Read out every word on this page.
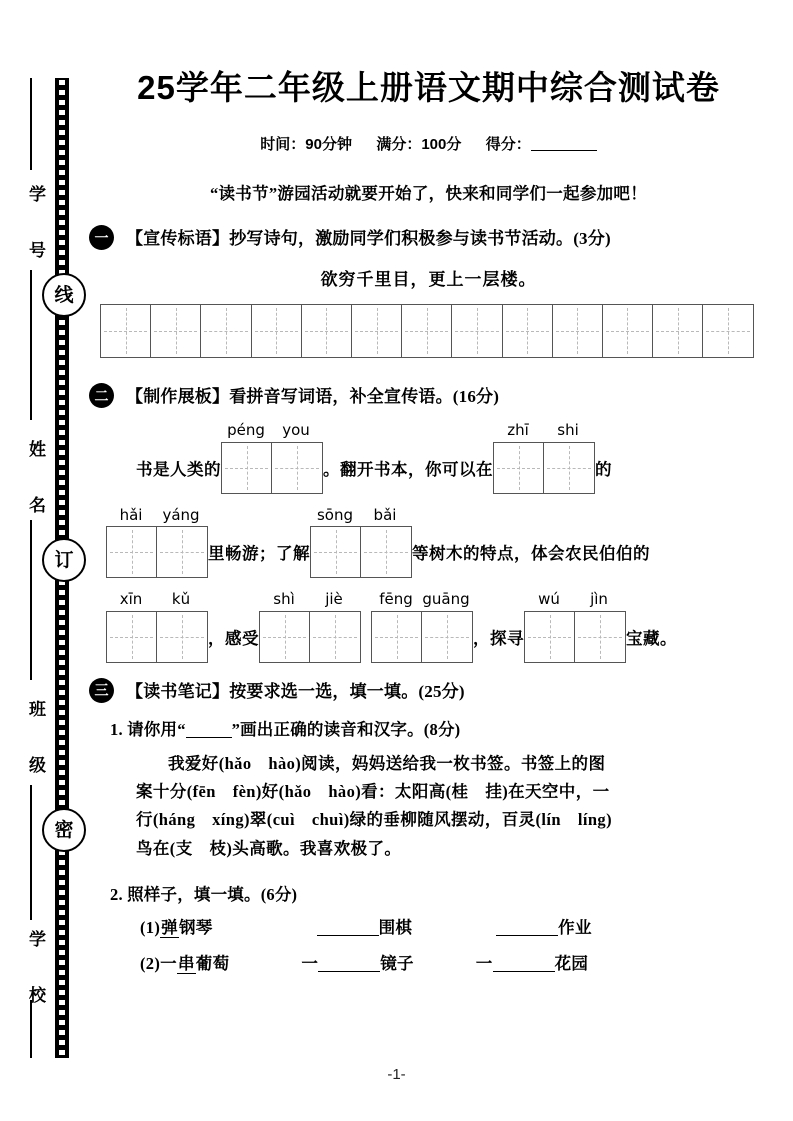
线
订
密
学 号
姓 名
班 级
学 校
25学年二年级上册语文期中综合测试卷
时间：90分钟 满分：100分 得分：
“读书节”游园活动就要开始了，快来和同学们一起参加吧！
一	【宣传标语】抄写诗句，激励同学们积极参与读书节活动。(3分)
欲穷千里目，更上一层楼。
二	【制作展板】看拼音写词语，补全宣传语。(16分)
书是人类的
péng	you
。翻开书本，你可以在
zhī	shi
的
hǎi	yáng
里畅游；了解
sōng	bǎi
等树木的特点，体会农民伯伯的
xīn	kǔ
，感受
shì	jiè	fēng guāng
，探寻
wú	jìn
宝藏。
三	【读书笔记】按要求选一选，填一填。(25分)
1. 请你用“	”画出正确的读音和汉字。(8分)
我爱好(hǎo　hào)阅读，妈妈送给我一枚书签。书签上的图
案十分(fēn　fèn)好(hǎo　hào)看：太阳高(桂　挂)在天空中，一
行(háng　xíng)翠(cuì　chuì)绿的垂柳随风摆动，百灵(lín　líng)
鸟在(支　枝)头高歌。我喜欢极了。
2. 照样子，填一填。(6分)
(1)弹钢琴	围棋	作业
(2)一串葡萄	一	镜子	一	花园
-1-
